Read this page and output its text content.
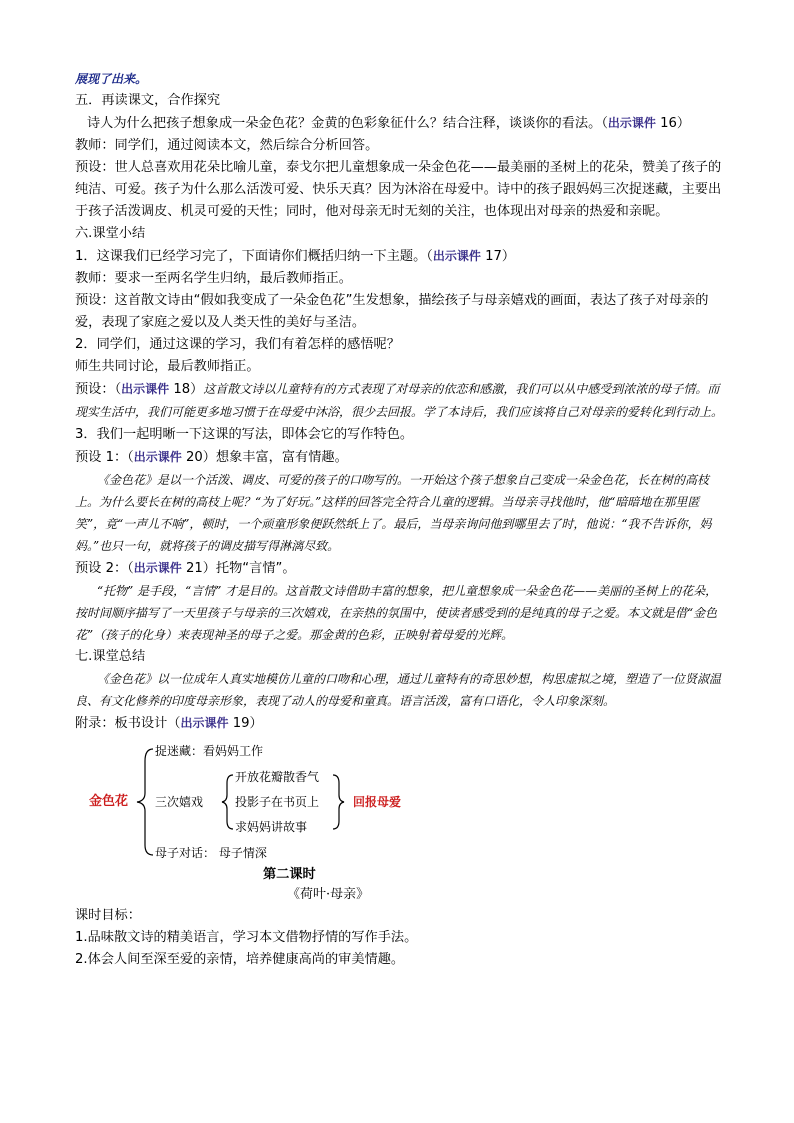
展现了出来。

五．再读课文，合作探究

诗人为什么把孩子想象成一朵金色花？金黄的色彩象征什么？结合注释，谈谈你的看法。（出示课件 16）

教师：同学们，通过阅读本文，然后综合分析回答。

预设：世人总喜欢用花朵比喻儿童，泰戈尔把儿童想象成一朵金色花——最美丽的圣树上的花朵，赞美了孩子的纯洁、可爱。孩子为什么那么活泼可爱、快乐天真？因为沐浴在母爱中。诗中的孩子跟妈妈三次捉迷藏，主要出于孩子活泼调皮、机灵可爱的天性；同时，他对母亲无时无刻的关注，也体现出对母亲的热爱和亲昵。

六.课堂小结

1．这课我们已经学习完了，下面请你们概括归纳一下主题。（出示课件 17）

教师：要求一至两名学生归纳，最后教师指正。

预设：这首散文诗由“假如我变成了一朵金色花”生发想象，描绘孩子与母亲嬉戏的画面，表达了孩子对母亲的爱，表现了家庭之爱以及人类天性的美好与圣洁。

2．同学们，通过这课的学习，我们有着怎样的感悟呢？

师生共同讨论，最后教师指正。

预设：（出示课件 18）这首散文诗以儿童特有的方式表现了对母亲的依恋和感激，我们可以从中感受到浓浓的母子情。而现实生活中，我们可能更多地习惯于在母爱中沐浴，很少去回报。学了本诗后，我们应该将自己对母亲的爱转化到行动上。

3．我们一起明晰一下这课的写法，即体会它的写作特色。

预设 1：（出示课件 20）想象丰富，富有情趣。

《金色花》是以一个活泼、调皮、可爱的孩子的口吻写的。一开始这个孩子想象自己变成一朵金色花，长在树的高枝上。为什么要长在树的高枝上呢？“为了好玩。”这样的回答完全符合儿童的逻辑。当母亲寻找他时，他“暗暗地在那里匿笑”，竟“一声儿不响”，顿时，一个顽童形象便跃然纸上了。最后，当母亲询问他到哪里去了时，他说：“我不告诉你，妈妈。”也只一句，就将孩子的调皮描写得淋漓尽致。

预设 2：（出示课件 21）托物“言情”。

“托物” 是手段，“言情” 才是目的。这首散文诗借助丰富的想象，把儿童想象成一朵金色花——美丽的圣树上的花朵，按时间顺序描写了一天里孩子与母亲的三次嬉戏，在亲热的氛围中，使读者感受到的是纯真的母子之爱。本文就是借“金色花”（孩子的化身）来表现神圣的母子之爱。那金黄的色彩，正映射着母爱的光辉。

七.课堂总结

《金色花》以一位成年人真实地模仿儿童的口吻和心理，通过儿童特有的奇思妙想，构思虚拟之境，塑造了一位贤淑温良、有文化修养的印度母亲形象，表现了动人的母爱和童真。语言活泼，富有口语化，令人印象深刻。

附录：板书设计（出示课件 19）

金色花
捉迷藏：看妈妈工作
三次嬉戏
开放花瓣散香气
投影子在书页上
求妈妈讲故事
回报母爱
母子对话： 母子情深

第二课时

《荷叶·母亲》

课时目标：

1.品味散文诗的精美语言，学习本文借物抒情的写作手法。

2.体会人间至深至爱的亲情，培养健康高尚的审美情趣。
